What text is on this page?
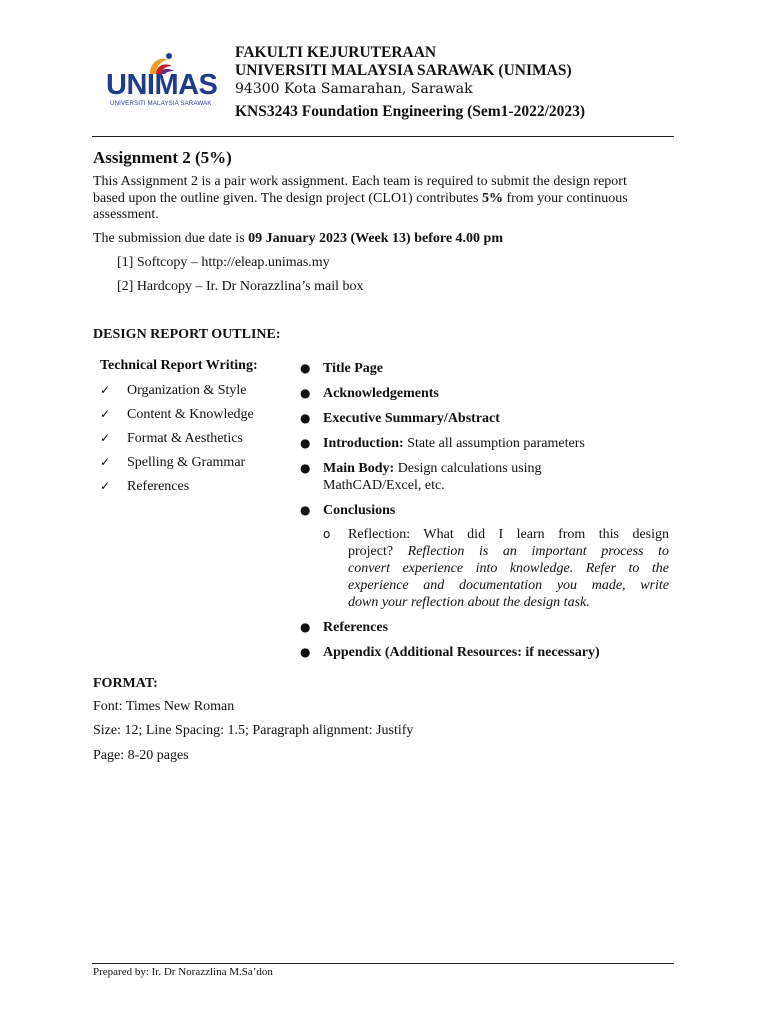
UNIMAS
UNIVERSITI MALAYSIA SARAWAK
FAKULTI KEJURUTERAAN
UNIVERSITI MALAYSIA SARAWAK (UNIMAS)
94300 Kota Samarahan, Sarawak
KNS3243 Foundation Engineering (Sem1-2022/2023)
Assignment 2 (5%)
This Assignment 2 is a pair work assignment. Each team is required to submit the design report
based upon the outline given. The design project (CLO1) contributes 5% from your continuous
assessment.
The submission due date is 09 January 2023 (Week 13) before 4.00 pm
[1] Softcopy – http://eleap.unimas.my
[2] Hardcopy – Ir. Dr Norazzlina’s mail box
DESIGN REPORT OUTLINE:
Technical Report Writing:
✓ Organization & Style
✓ Content & Knowledge
✓ Format & Aesthetics
✓ Spelling & Grammar
✓ References
● Title Page
● Acknowledgements
● Executive Summary/Abstract
● Introduction: State all assumption parameters
● Main Body: Design calculations using
MathCAD/Excel, etc.
● Conclusions
o Reflection: What did I learn from this design
project? Reflection is an important process to
convert experience into knowledge. Refer to the
experience and documentation you made, write
down your reflection about the design task.
● References
● Appendix (Additional Resources: if necessary)
FORMAT:
Font: Times New Roman
Size: 12; Line Spacing: 1.5; Paragraph alignment: Justify
Page: 8-20 pages
Prepared by: Ir. Dr Norazzlina M.Sa’don
